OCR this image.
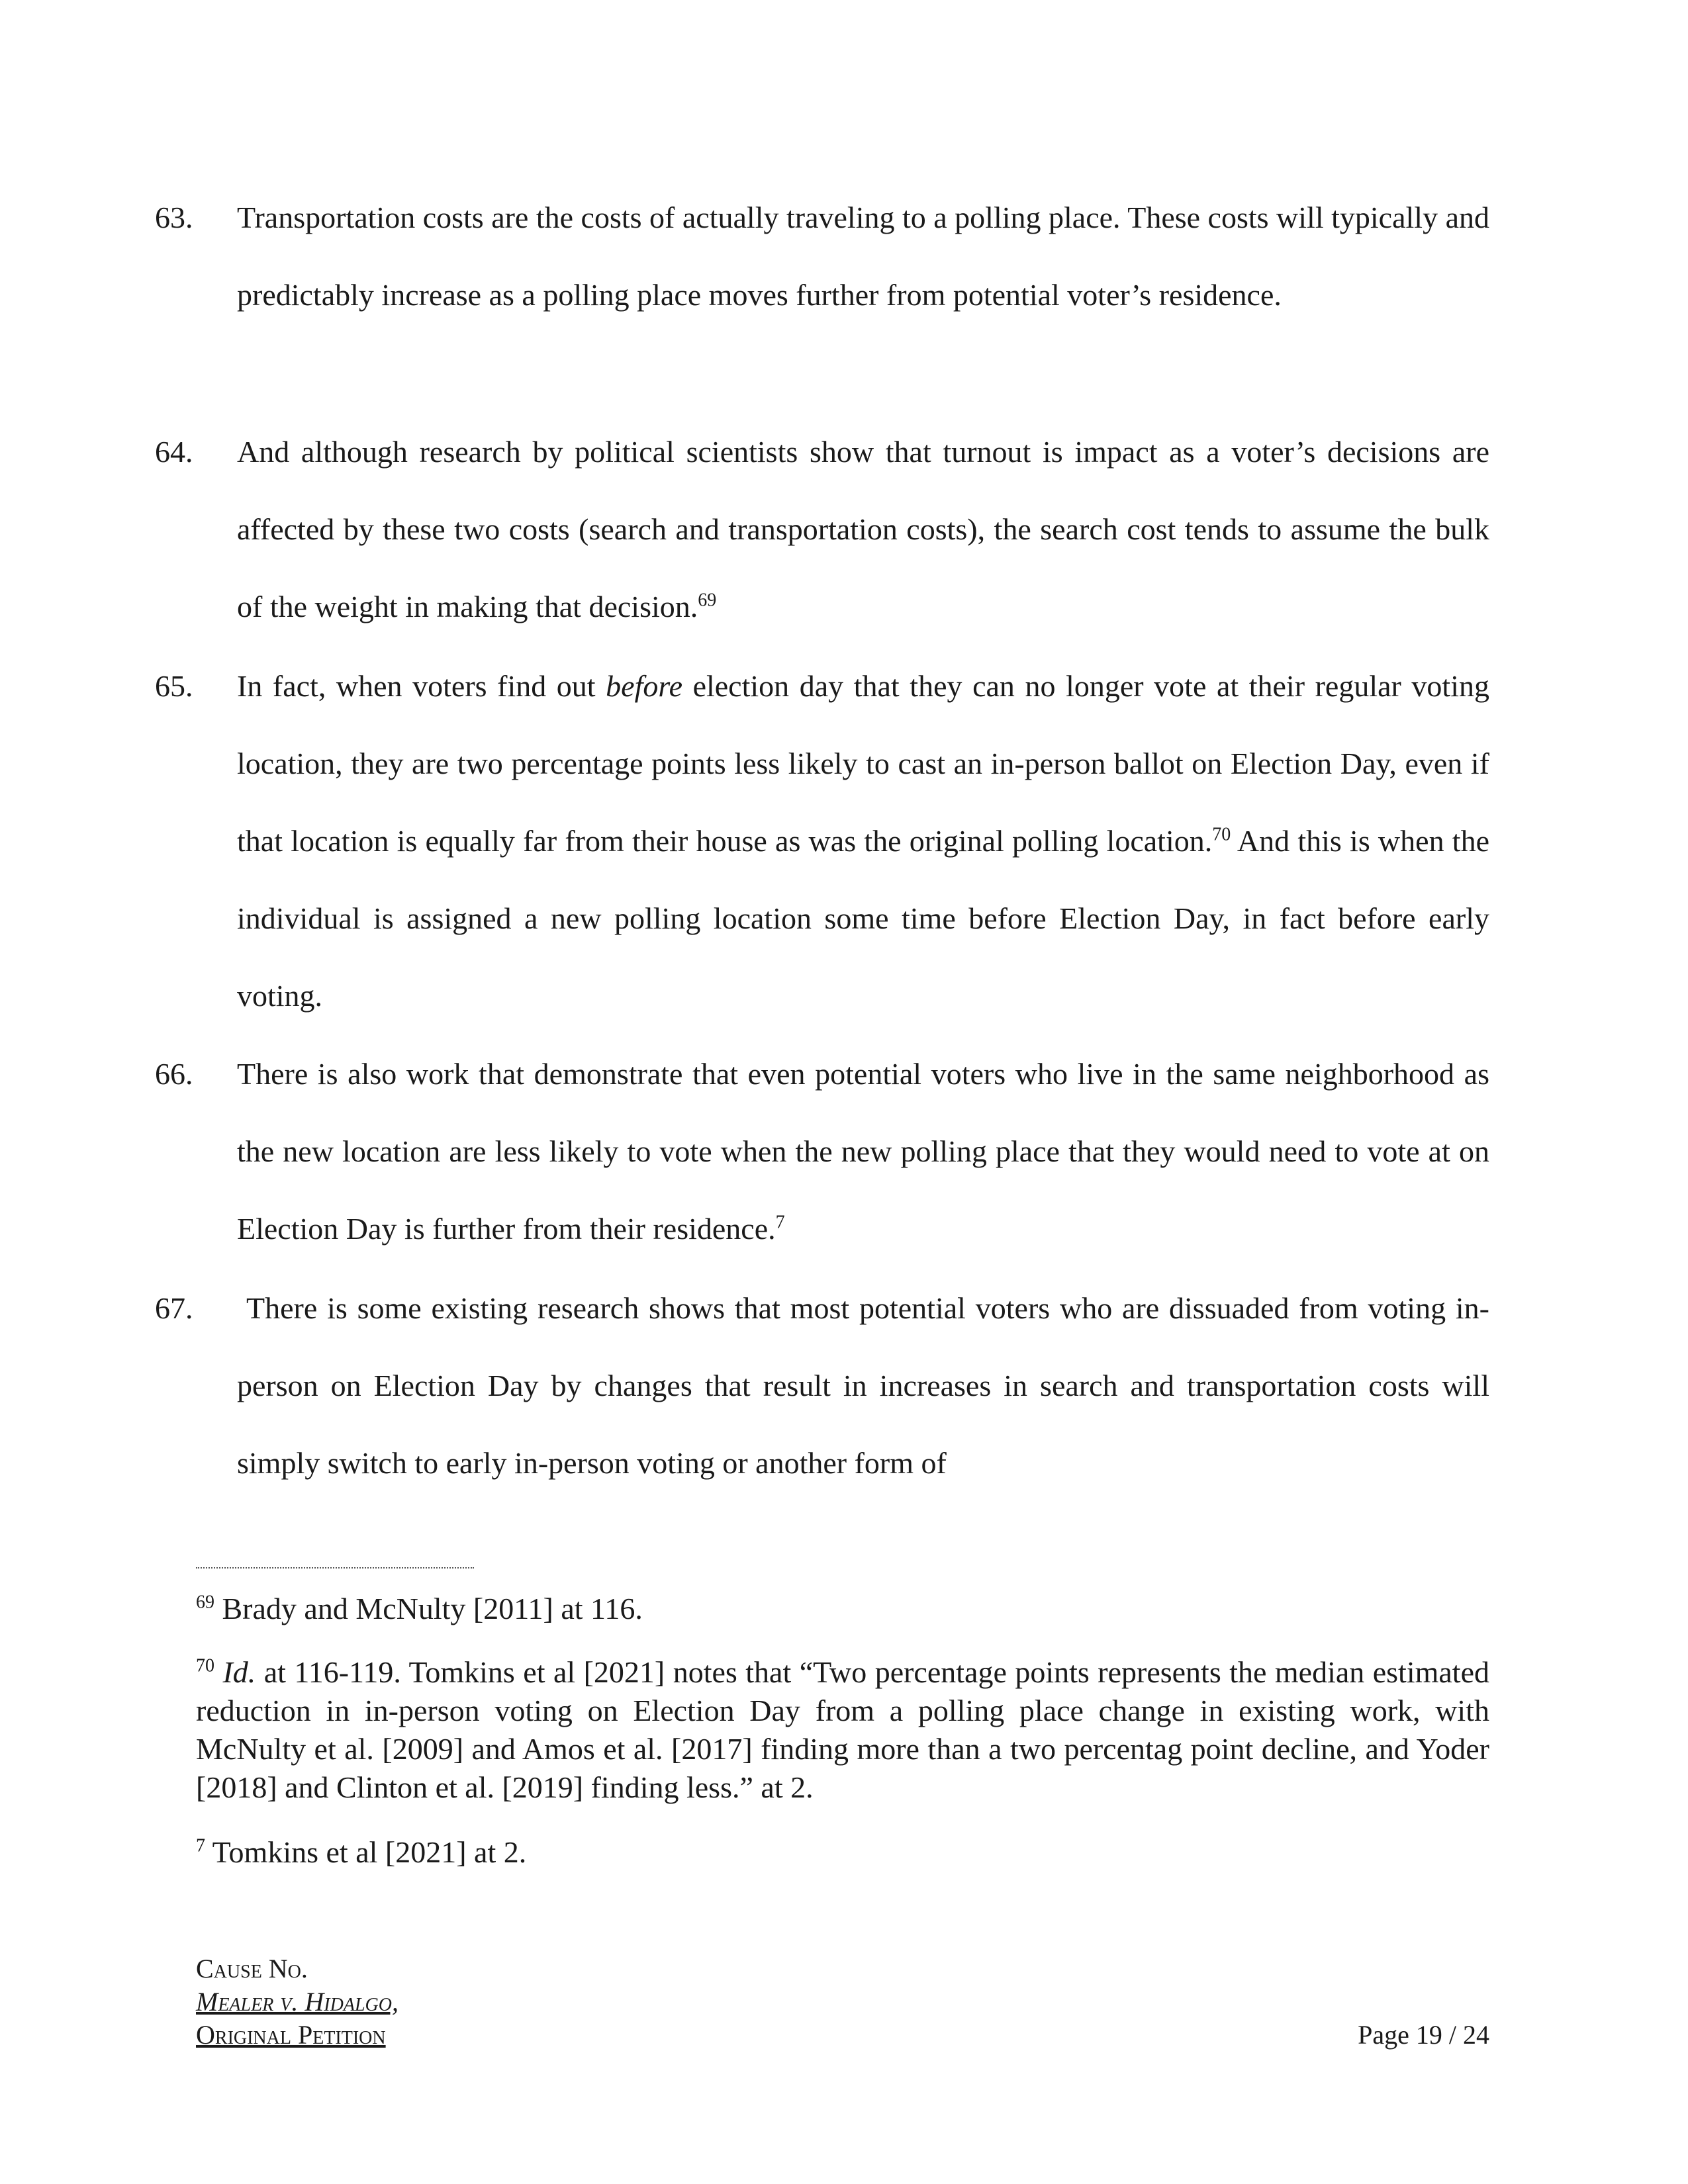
63. Transportation costs are the costs of actually traveling to a polling place. These costs will typically and predictably increase as a polling place moves further from potential voter’s residence.

64. And although research by political scientists show that turnout is impact as a voter’s decisions are affected by these two costs (search and transportation costs), the search cost tends to assume the bulk of the weight in making that decision.$^{69}$

65. In fact, when voters find out before election day that they can no longer vote at their regular voting location, they are two percentage points less likely to cast an in-person ballot on Election Day, even if that location is equally far from their house as was the original polling location.$^{70}$ And this is when the individual is assigned a new polling location some time before Election Day, in fact before early voting.

66. There is also work that demonstrate that even potential voters who live in the same neighborhood as the new location are less likely to vote when the new polling place that they would need to vote at on Election Day is further from their residence.$^7$

67. There is some existing research shows that most potential voters who are dissuaded from voting in-person on Election Day by changes that result in increases in search and transportation costs will simply switch to early in-person voting or another form of

$^{69}$ Brady and McNulty [2011] at 116.

$^{70}$ Id. at 116-119. Tomkins et al [2021] notes that “Two percentage points represents the median estimated reduction in in-person voting on Election Day from a polling place change in existing work, with McNulty et al. [2009] and Amos et al. [2017] finding more than a two percentag point decline, and Yoder [2018] and Clinton et al. [2019] finding less.” at 2.

$^7$ Tomkins et al [2021] at 2.

Cause No.
Mealer v. Hidalgo,
Original Petition	Page 19 / 24
